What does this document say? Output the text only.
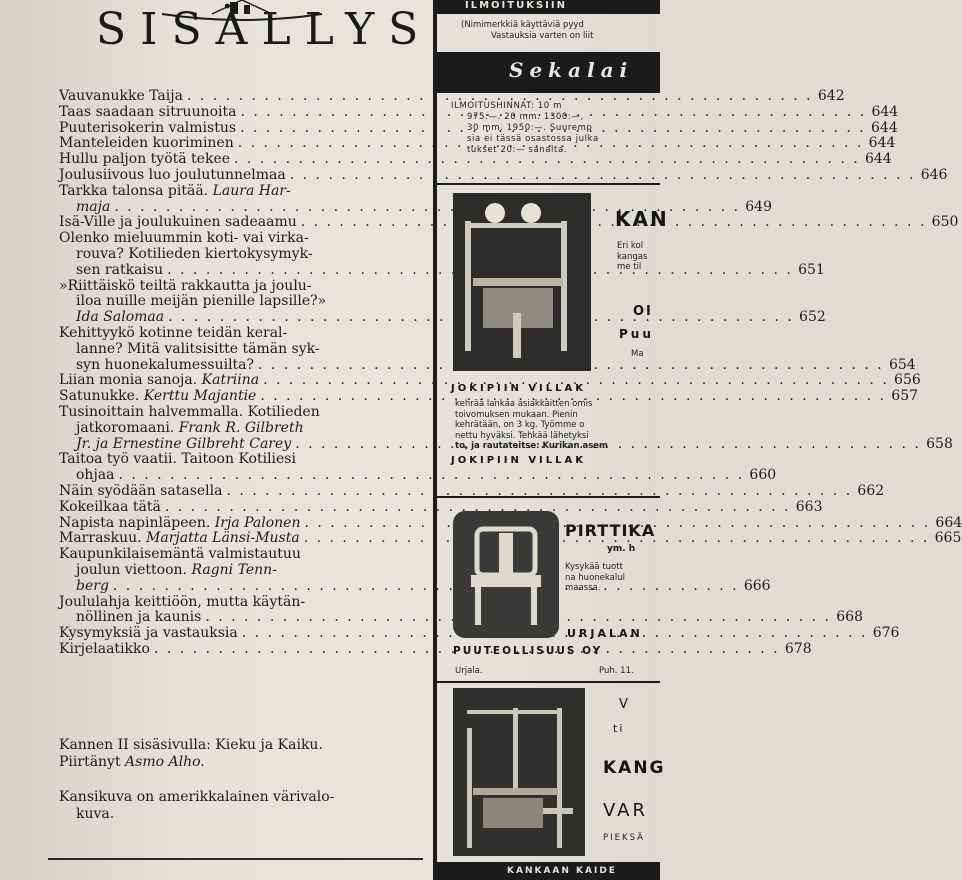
SISÄLLYS
Vauvanukke Taija . . .	642
Taas saadaan sitruunoita . . .	644
Puuterisokerin valmistus . . .	644
Manteleiden kuoriminen . . .	644
Hullu paljon työtä tekee . . .	644
Joulusiivous luo joulutunnelmaa . . .	646
Tarkka talonsa pitää. Laura Har-
maja . . .	649
Isä-Ville ja joulukuinen sadeaamu . . .	650
Olenko mieluummin koti- vai virka-
rouva? Kotilieden kiertokysymyk-
sen ratkaisu . . .	651
»Riittäiskö teiltä rakkautta ja joulu-
iloa nuille meijän pienille lapsille?»
Ida Salomaa . . .	652
Kehittyykö kotinne teidän keral-
lanne? Mitä valitsisitte tämän syk-
syn huonekalumessuilta? . . .	654
Liian monia sanoja. Katriina . . .	656
Satunukke. Kerttu Majantie . . .	657
Tusinoittain halvemmalla. Kotilieden
jatkoromaani. Frank R. Gilbreth
Jr. ja Ernestine Gilbreht Carey . . .	658
Taitoa työ vaatii. Taitoon Kotiliesi
ohjaa . . .	660
Näin syödään satasella . . .	662
Kokeilkaa tätä . . .	663
Napista napinläpeen. Irja Palonen . . .	664
Marraskuu. Marjatta Länsi-Musta . . .	665
Kaupunkilaisemäntä valmistautuu
joulun viettoon. Ragni Tenn-
berg . . .	666
Joululahja keittiöön, mutta käytän-
nöllinen ja kaunis . . .	668
Kysymyksiä ja vastauksia . . .	676
Kirjelaatikko . . .	678
Kannen II sisäsivulla: Kieku ja Kaiku.
Piirtänyt Asmo Alho.
Kansikuva on amerikkalainen värivalo-
kuva.
ILMOITUKSIIN
(Nimimerkkiä käyttäviä pyyd
Vastauksia varten on liit
Sekalai
ILMOITUSHINNAT: 10 m
975:—. 20 mm. 1300:—,
30 mm. 1950:—. Suuremp
sia ei tässä osastossa julka
tukset 20:— sanalta.
KAN
Eri kol
kangas
me til
OI
Puu
Ma
JOKIPIIN VILLAK
kehrää lankaa asiakkaitten omis
toivomuksen mukaan. Pienin
kehrätään, on 3 kg. Työmme o
nettu hyväksi. Tehkää lähetyksi
to, ja rautateitse: Kurikan asem
JOKIPIIN VILLAK
PIRTTIKA
ym. h
Kysykää tuott
na huonekalul
maassa.
URJALAN
PUUTEOLLISUUS OY
Urjala.	Puh. 11.
V
ti
KANG
VAR
PIEKSÄ
KANKAAN KAIDE
